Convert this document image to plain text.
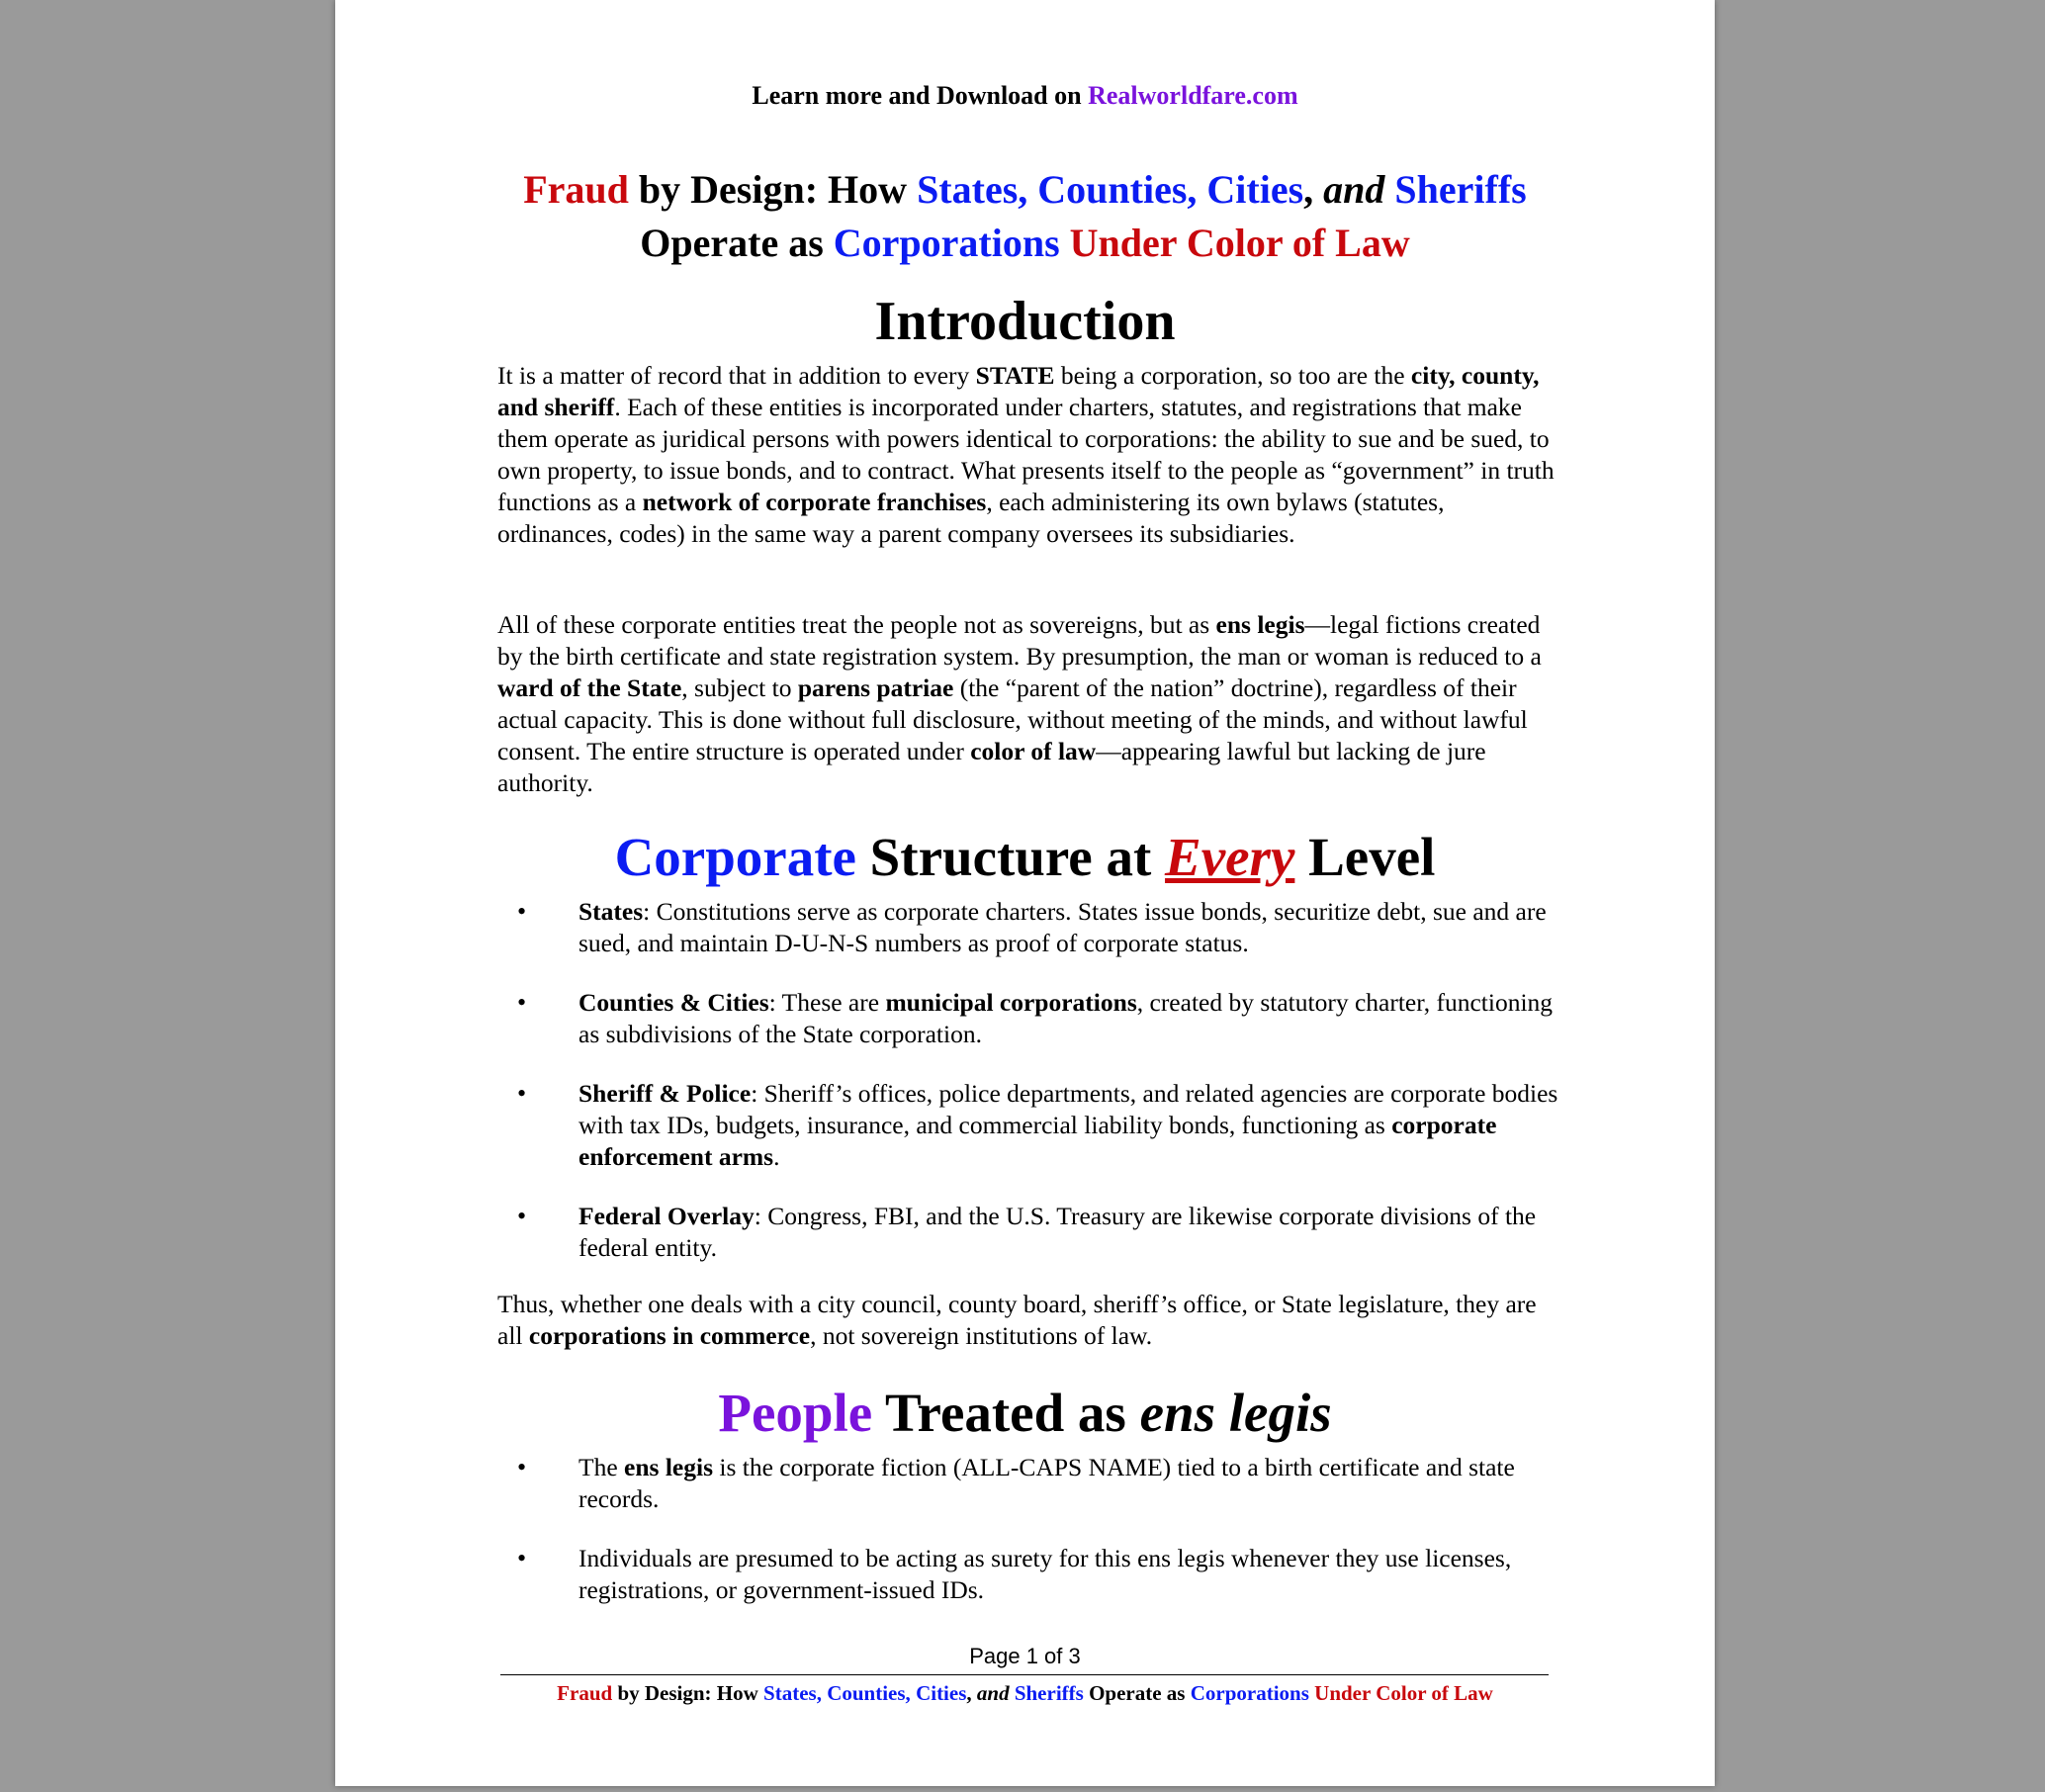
Learn more and Download on Realworldfare.com
Fraud by Design: How States, Counties, Cities, and Sheriffs
Operate as Corporations Under Color of Law
Introduction

It is a matter of record that in addition to every STATE being a corporation, so too are the city, county, and sheriff. Each of these entities is incorporated under charters, statutes, and registrations that make them operate as juridical persons with powers identical to corporations: the ability to sue and be sued, to own property, to issue bonds, and to contract. What presents itself to the people as “government” in truth functions as a network of corporate franchises, each administering its own bylaws (statutes, ordinances, codes) in the same way a parent company oversees its subsidiaries.

All of these corporate entities treat the people not as sovereigns, but as ens legis—legal fictions created by the birth certificate and state registration system. By presumption, the man or woman is reduced to a ward of the State, subject to parens patriae (the “parent of the nation” doctrine), regardless of their actual capacity. This is done without full disclosure, without meeting of the minds, and without lawful consent. The entire structure is operated under color of law—appearing lawful but lacking de jure authority.

Corporate Structure at Every Level
• States: Constitutions serve as corporate charters. States issue bonds, securitize debt, sue and are sued, and maintain D-U-N-S numbers as proof of corporate status.
• Counties & Cities: These are municipal corporations, created by statutory charter, functioning as subdivisions of the State corporation.
• Sheriff & Police: Sheriff’s offices, police departments, and related agencies are corporate bodies with tax IDs, budgets, insurance, and commercial liability bonds, functioning as corporate enforcement arms.
• Federal Overlay: Congress, FBI, and the U.S. Treasury are likewise corporate divisions of the federal entity.

Thus, whether one deals with a city council, county board, sheriff’s office, or State legislature, they are all corporations in commerce, not sovereign institutions of law.

People Treated as ens legis
• The ens legis is the corporate fiction (ALL-CAPS NAME) tied to a birth certificate and state records.
• Individuals are presumed to be acting as surety for this ens legis whenever they use licenses, registrations, or government-issued IDs.
Page 1 of 3
Fraud by Design: How States, Counties, Cities, and Sheriffs Operate as Corporations Under Color of Law
